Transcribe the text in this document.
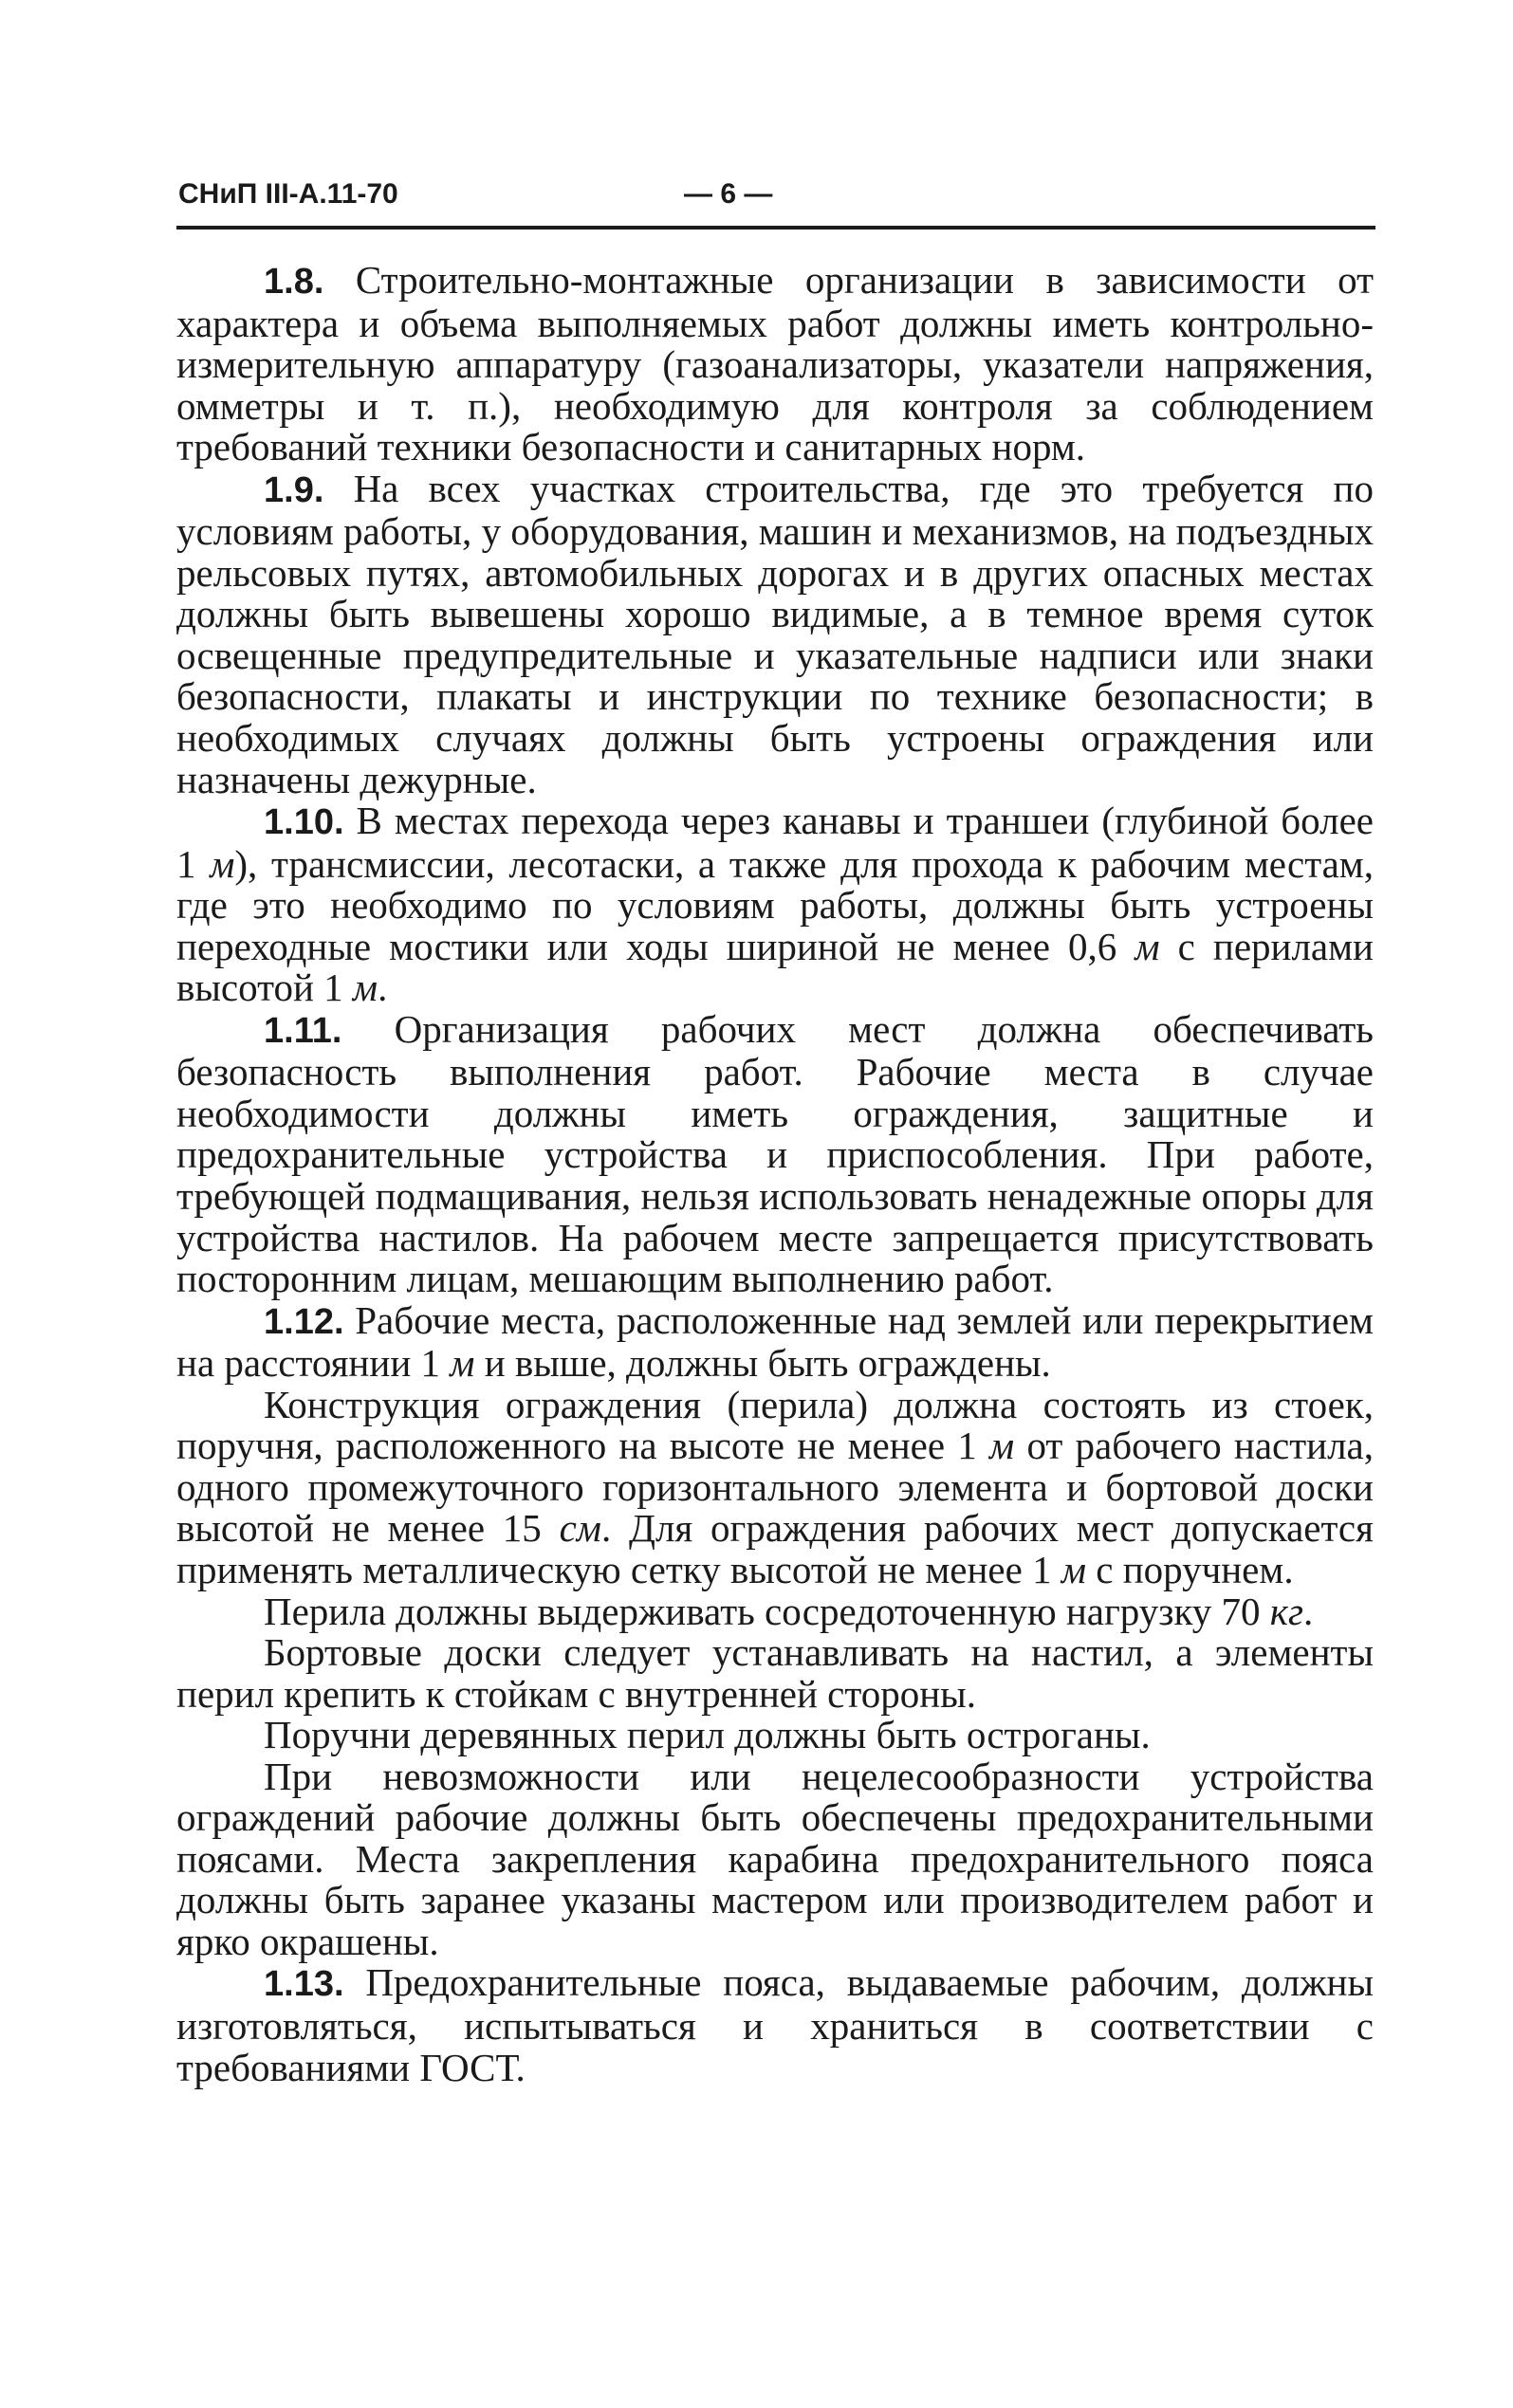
СНиП III-А.11-70	— 6 —

1.8. Строительно-монтажные организации в зависимости от характера и объема выполняемых работ должны иметь контрольно-измерительную аппаратуру (газоанализаторы, указатели напряжения, омметры и т. п.), необходимую для контроля за соблюдением требований техники безопасности и санитарных норм.

1.9. На всех участках строительства, где это требуется по условиям работы, у оборудования, машин и механизмов, на подъездных рельсовых путях, автомобильных дорогах и в других опасных местах должны быть вывешены хорошо видимые, а в темное время суток освещенные предупредительные и указательные надписи или знаки безопасности, плакаты и инструкции по технике безопасности; в необходимых случаях должны быть устроены ограждения или назначены дежурные.

1.10. В местах перехода через канавы и траншеи (глубиной более 1 м), трансмиссии, лесотаски, а также для прохода к рабочим местам, где это необходимо по условиям работы, должны быть устроены переходные мостики или ходы шириной не менее 0,6 м с перилами высотой 1 м.

1.11. Организация рабочих мест должна обеспечивать безопасность выполнения работ. Рабочие места в случае необходимости должны иметь ограждения, защитные и предохранительные устройства и приспособления. При работе, требующей подмащивания, нельзя использовать ненадежные опоры для устройства настилов. На рабочем месте запрещается присутствовать посторонним лицам, мешающим выполнению работ.

1.12. Рабочие места, расположенные над землей или перекрытием на расстоянии 1 м и выше, должны быть ограждены.

Конструкция ограждения (перила) должна состоять из стоек, поручня, расположенного на высоте не менее 1 м от рабочего настила, одного промежуточного горизонтального элемента и бортовой доски высотой не менее 15 см. Для ограждения рабочих мест допускается применять металлическую сетку высотой не менее 1 м с поручнем.

Перила должны выдерживать сосредоточенную нагрузку 70 кг.

Бортовые доски следует устанавливать на настил, а элементы перил крепить к стойкам с внутренней стороны.

Поручни деревянных перил должны быть остроганы.

При невозможности или нецелесообразности устройства ограждений рабочие должны быть обеспечены предохранительными поясами. Места закрепления карабина предохранительного пояса должны быть заранее указаны мастером или производителем работ и ярко окрашены.

1.13. Предохранительные пояса, выдаваемые рабочим, должны изготовляться, испытываться и храниться в соответствии с требованиями ГОСТ.
